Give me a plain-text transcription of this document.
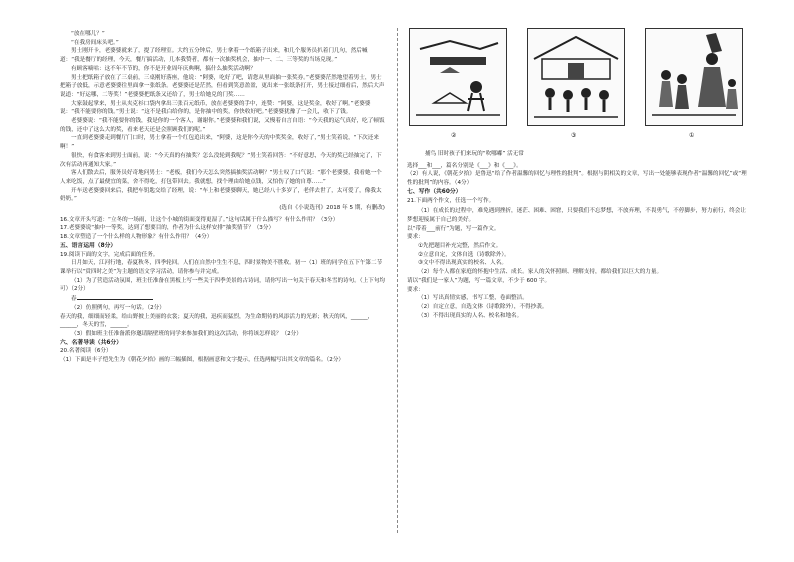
“放在哪儿？”

“在我房间床头吧。”

男士刚开卡，老婆婆就来了，提了经理室。大约五分钟后，男士拿着一个纸箱子出来，和几个服务员扒着门几句，然后喊道：“我是餐厅的经理，今天，餐厅搞活动，几本我赞者，都有一次抽奖机会，抽中一、二、三等奖的当场兑现。”

有顾客嘀咕：这不年不节的，你不是开业周年庆典啊，搞什么抽奖活动啊？

男士把纸箱子放在了三桌前，三桌刚好落座，他说：“阿婆，吃好了吧，请您从里面抽一张奖券。”老婆婆茫然地望着男士，男士把箱子放低，示意老婆婆往里面拿一张纸条。老婆婆还是茫然，但看到笑意盈盈，更出来一张纸条打开，男士接过细看后，然后大声说道：“好运哪，二等奖！”老婆婆把纸条又还给了，男士给她兑的门奖……

大家鼓起掌来，男士从夹克衫口袋内拿出三张百元纸币，放在老婆婆的手中，连赞：“阿婆，这是奖金，收好了啊。”老婆婆说：“我不能要你的钱。”男士说：“这不是我白给你的，是你抽中的奖，你快收好吧。”老婆婆犹豫了一会儿，收下了钱。

老婆婆说：“我不能要你的钱，我是你的一个客人，谢谢你。”老婆婆和我们说，又慢着自言自语：“今天我的运气真好，吃了顿饭的钱，还中了这么大的奖，看来老天还是会照顾我们的呢。”

一直到老婆婆走到餐厅门口时，男士拿着一个红包追出来，“阿婆，这是你今天的中奖奖金，收好了，”男士笑着说，“下次还来啊！”

很快，有食客来到男士面前，说：“今天真的有抽奖？怎么没轮到我呢？”男士笑着回答：“不好意思，今天的奖已经抽完了，下次有活动再通知大家。”

客人们散去后，服务员好奇地问男士：“老板，我们今天怎么突然搞抽奖活动啊？”男士叹了口气说：“那个老婆婆，我看她一个人来吃饭，点了最便宜的菜，舍不得吃，打包带回去。我就想，找个理由给她点钱，又怕伤了她的自尊……”

开车送老婆婆回来后，我把车钥匙交给了经理，说：“车上和老婆婆聊天，她已经八十多岁了，老伴去世了，太可爱了，像我太奶奶。”

(选自《小说选刊》2018 年 5 期，有删改)

16.文章开头写道：“立冬的一场雨，让这个小城的街面变得更湿了。”这句话属于什么描写？有什么作用？（3分）

17.老婆婆说“抽中一等奖，达到了想要目的，作者为什么这样安排”抽奖情节？（3分）

18.文章塑造了一个什么样的人物形象？有什么作用？（4分）

五、语言运用（8分）

19.阅读下面的文字，完成后面的任务。

日月如天，江河行地，春夏秋冬，四季轮回。人们在自然中生生不息，四时景物美不胜收。初一（1）班的同学在五下午第二节课举行以“赏四时之美”为主题的语文学习活动，请你参与并完成。

（1）为了营造活动氛围，班主任准备在黑板上写一些关于四季美景的古诗词，请你写出一句关于春天和冬雪的诗句。（上下句均可）（2分）

春

（2）仿照例句，再写一句话。（2分）

春天的我，细细而轻柔，给山野披上美丽的衣裳；夏天的我，迅疾而猛烈，为生命期待的风添活力的光彩；秋天的风，______，______，冬天的雪，______。

（3）假如班主任准备派你邀请隔壁班的同学来参加我们的这次活动，你将该怎样说？（2分）

六、名著导读（共6分）

20.名著阅读（6分）

（1）下面是丰子恺先生为《朝花夕拾》画的三幅插图，根据画意和文字提示，任选两幅写出其文章的篇名。（2分）

②	③	①

捕鸟 旧时孩子们来玩的“吹哪嘟” 活无常

选择___和___，篇名分别是《___》和《___》。

（2）有人说，《朝花夕拾》是鲁迅“给了作者温馨的回忆与理性的批判”。根据与阴相关的文章，写出一处能够表现作者“温馨的回忆”或“理性的批判”的内容。（4分）

七、写作（共60分）

21.下面两个作文，任选一个写作。

（1）在成长的过程中，难免遇到挫折，迷茫、困难、困窘，只要我们不忘梦想，不放弃理，不畏勇气，不停脚步，努力前行，终会让梦想迎接属于自己的美好。

以“带着___前行”为题，写一篇作文。

要求：

①先把题目补充完整，然后作文。

②立意自定，文体自选（诗歌除外）。

③文中不得出现真实的校名、人名。

（2）每个人都在家庭的怀抱中生活、成长。家人的关怀照顾、理解支持，都给我们以巨大的力量。

请以“我们是一家人”为题，写一篇文章，不少于 600 字。

要求：

（1）写出真情实感，书写工整，卷面整洁。

（2）自定立意，自选文体（诗歌除外），不得抄袭。

（3）不得出现真实的人名、校名和地名。
